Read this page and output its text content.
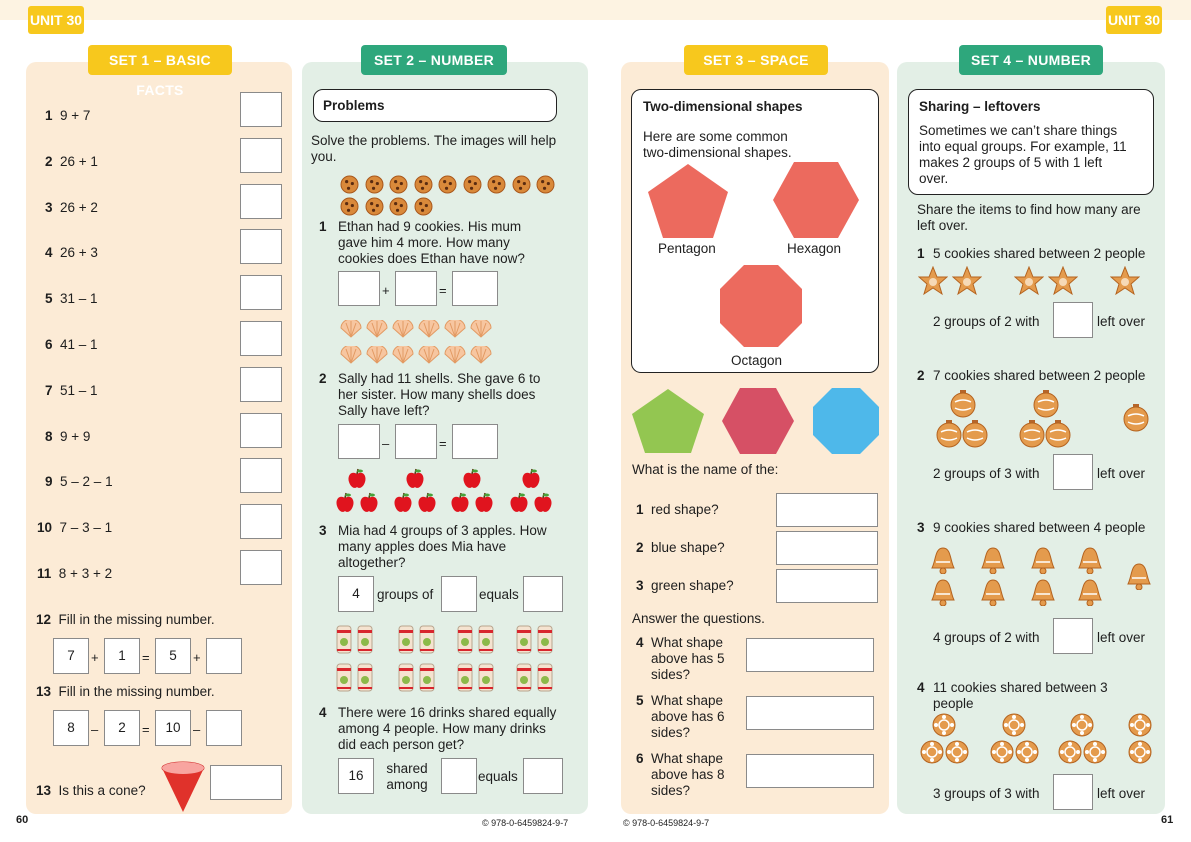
UNIT 30	UNIT 30
SET 1 – BASIC FACTS
SET 2 – NUMBER	SET 3 – SPACE	SET 4 – NUMBER
1 9 + 7
2 26 + 1
3 26 + 2
4 26 + 3
5 31 – 1
6 41 – 1
7 51 – 1
8 9 + 9
9 5 – 2 – 1
10 7 – 3 – 1
11 8 + 3 + 2
12 Fill in the missing number.
7	+	1	=	5	+
13 Fill in the missing number.
8	–	2	=	10 –
13 Is this a cone?
Problems
Solve the problems. The images will help you.
1 Ethan had 9 cookies. His mum gave him 4 more. How many cookies does Ethan have now?
+	=
2 Sally had 11 shells. She gave 6 to her sister. How many shells does Sally have left?
–	=
3 Mia had 4 groups of 3 apples. How many apples does Mia have altogether?
4	groups of	equals
4 There were 16 drinks shared equally among 4 people. How many drinks did each person get?
16	shared among
equals
Two-dimensional shapes
Here are some common two-dimensional shapes.
Pentagon	Hexagon
Octagon
What is the name of the:
1 red shape?
2 blue shape?
3 green shape?
Answer the questions.
4 What shape above has 5 sides?
5 What shape above has 6 sides?
6 What shape above has 8 sides?
Sharing – leftovers
Sometimes we can’t share things into equal groups. For example, 11 makes 2 groups of 5 with 1 left over.
Share the items to find how many are left over.
1 5 cookies shared between 2 people
2 groups of 2 with	left over
2 7 cookies shared between 2 people
2 groups of 3 with	left over
3 9 cookies shared between 4 people
4 groups of 2 with	left over
4 11 cookies shared between 3 people
3 groups of 3 with	left over
60	61
© 978-0-6459824-9-7	© 978-0-6459824-9-7
